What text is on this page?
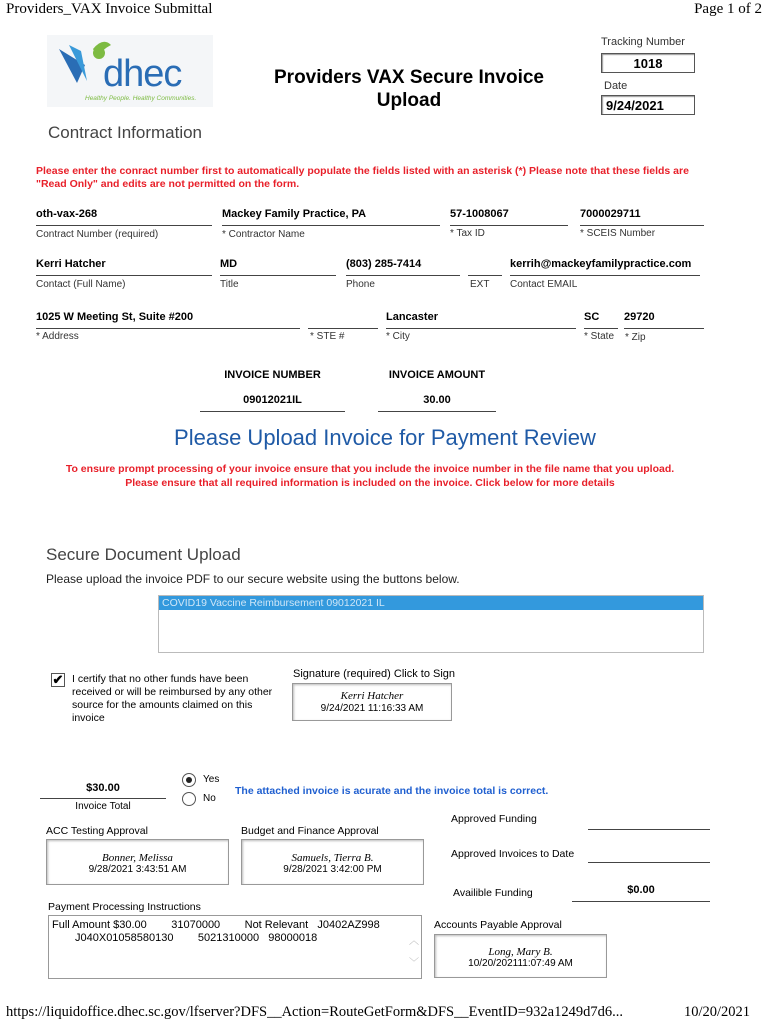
Providers_VAX Invoice Submittal	Page 1 of 2
dhec
Healthy People. Healthy Communities.
Providers VAX Secure Invoice Upload
Tracking Number
1018
Date
9/24/2021
Contract Information
Please enter the conract number first to automatically populate the fields listed with an asterisk (*) Please note that these fields are "Read Only" and edits are not permitted on the form.
oth-vax-268
Contract Number (required)
Mackey Family Practice, PA
* Contractor Name
57-1008067
* Tax ID
7000029711
* SCEIS Number
Kerri Hatcher
Contact (Full Name)
MD
Title
(803) 285-7414
Phone	EXT
kerrih@mackeyfamilypractice.com
Contact EMAIL
1025 W Meeting St, Suite #200
* Address	* STE #
Lancaster
* City
SC
* State
29720
* Zip
INVOICE NUMBER
09012021IL
INVOICE AMOUNT
30.00
Please Upload Invoice for Payment Review
To ensure prompt processing of your invoice ensure that you include the invoice number in the file name that you upload.
Please ensure that all required information is included on the invoice. Click below for more details
Secure Document Upload
Please upload the invoice PDF to our secure website using the buttons below.
COVID19 Vaccine Reimbursement 09012021 IL
✔ I certify that no other funds have been received or will be reimbursed by any other source for the amounts claimed on this invoice
Signature (required) Click to Sign
Kerri Hatcher
9/24/2021 11:16:33 AM
$30.00
Invoice Total
Yes
No
The attached invoice is acurate and the invoice total is correct.
ACC Testing Approval
Bonner, Melissa
9/28/2021 3:43:51 AM
Budget and Finance Approval
Samuels, Tierra B.
9/28/2021 3:42:00 PM
Approved Funding
Approved Invoices to Date
Availible Funding	$0.00
Payment Processing Instructions
Full Amount $30.00        31070000        Not Relevant   J0402AZ998
J040X01058580130        5021310000   98000018	︿
﹀
Accounts Payable Approval
Long, Mary B.
10/20/202111:07:49 AM
https://liquidoffice.dhec.sc.gov/lfserver?DFS__Action=RouteGetForm&DFS__EventID=932a1249d7d6...	10/20/2021
